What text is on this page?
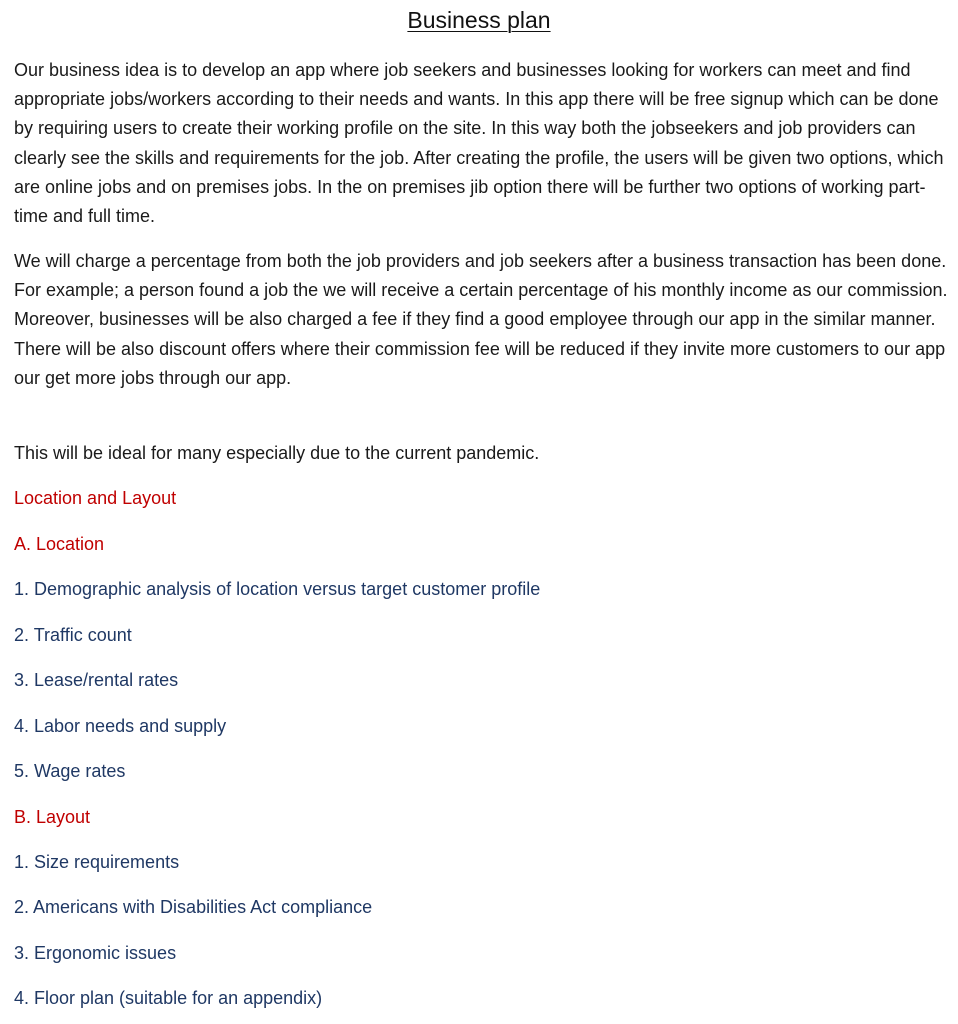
Business plan

Our business idea is to develop an app where job seekers and businesses looking for workers can meet and find appropriate jobs/workers according to their needs and wants. In this app there will be free signup which can be done by requiring users to create their working profile on the site. In this way both the jobseekers and job providers can clearly see the skills and requirements for the job. After creating the profile, the users will be given two options, which are online jobs and on premises jobs. In the on premises jib option there will be further two options of working part-time and full time.

We will charge a percentage from both the job providers and job seekers after a business transaction has been done. For example; a person found a job the we will receive a certain percentage of his monthly income as our commission. Moreover, businesses will be also charged a fee if they find a good employee through our app in the similar manner. There will be also discount offers where their commission fee will be reduced if they invite more customers to our app our get more jobs through our app.

This will be ideal for many especially due to the current pandemic.

Location and Layout

A. Location

1. Demographic analysis of location versus target customer profile

2. Traffic count

3. Lease/rental rates

4. Labor needs and supply

5. Wage rates

B. Layout

1. Size requirements

2. Americans with Disabilities Act compliance

3. Ergonomic issues

4. Floor plan (suitable for an appendix)
